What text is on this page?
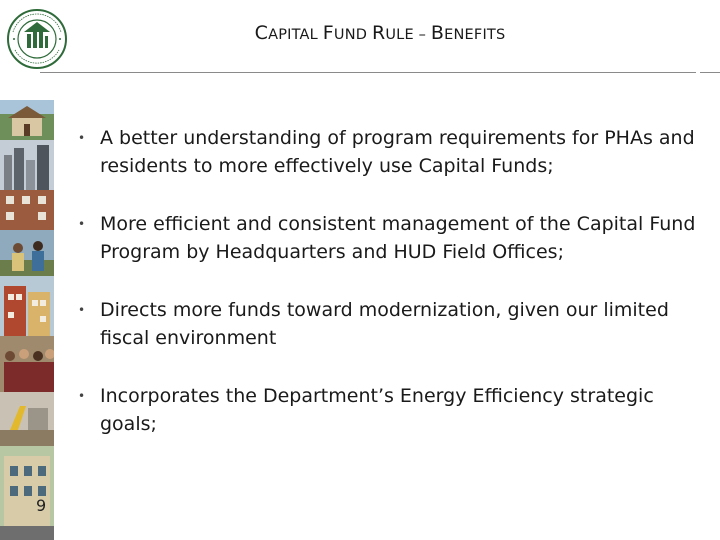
CAPITAL FUND RULE – BENEFITS
9
• A better understanding of program requirements for PHAs and residents to more effectively use Capital Funds;
• More efficient and consistent management of the Capital Fund Program by Headquarters and HUD Field Offices;
• Directs more funds toward modernization, given our limited fiscal environment
• Incorporates the Department’s Energy Efficiency strategic goals;
